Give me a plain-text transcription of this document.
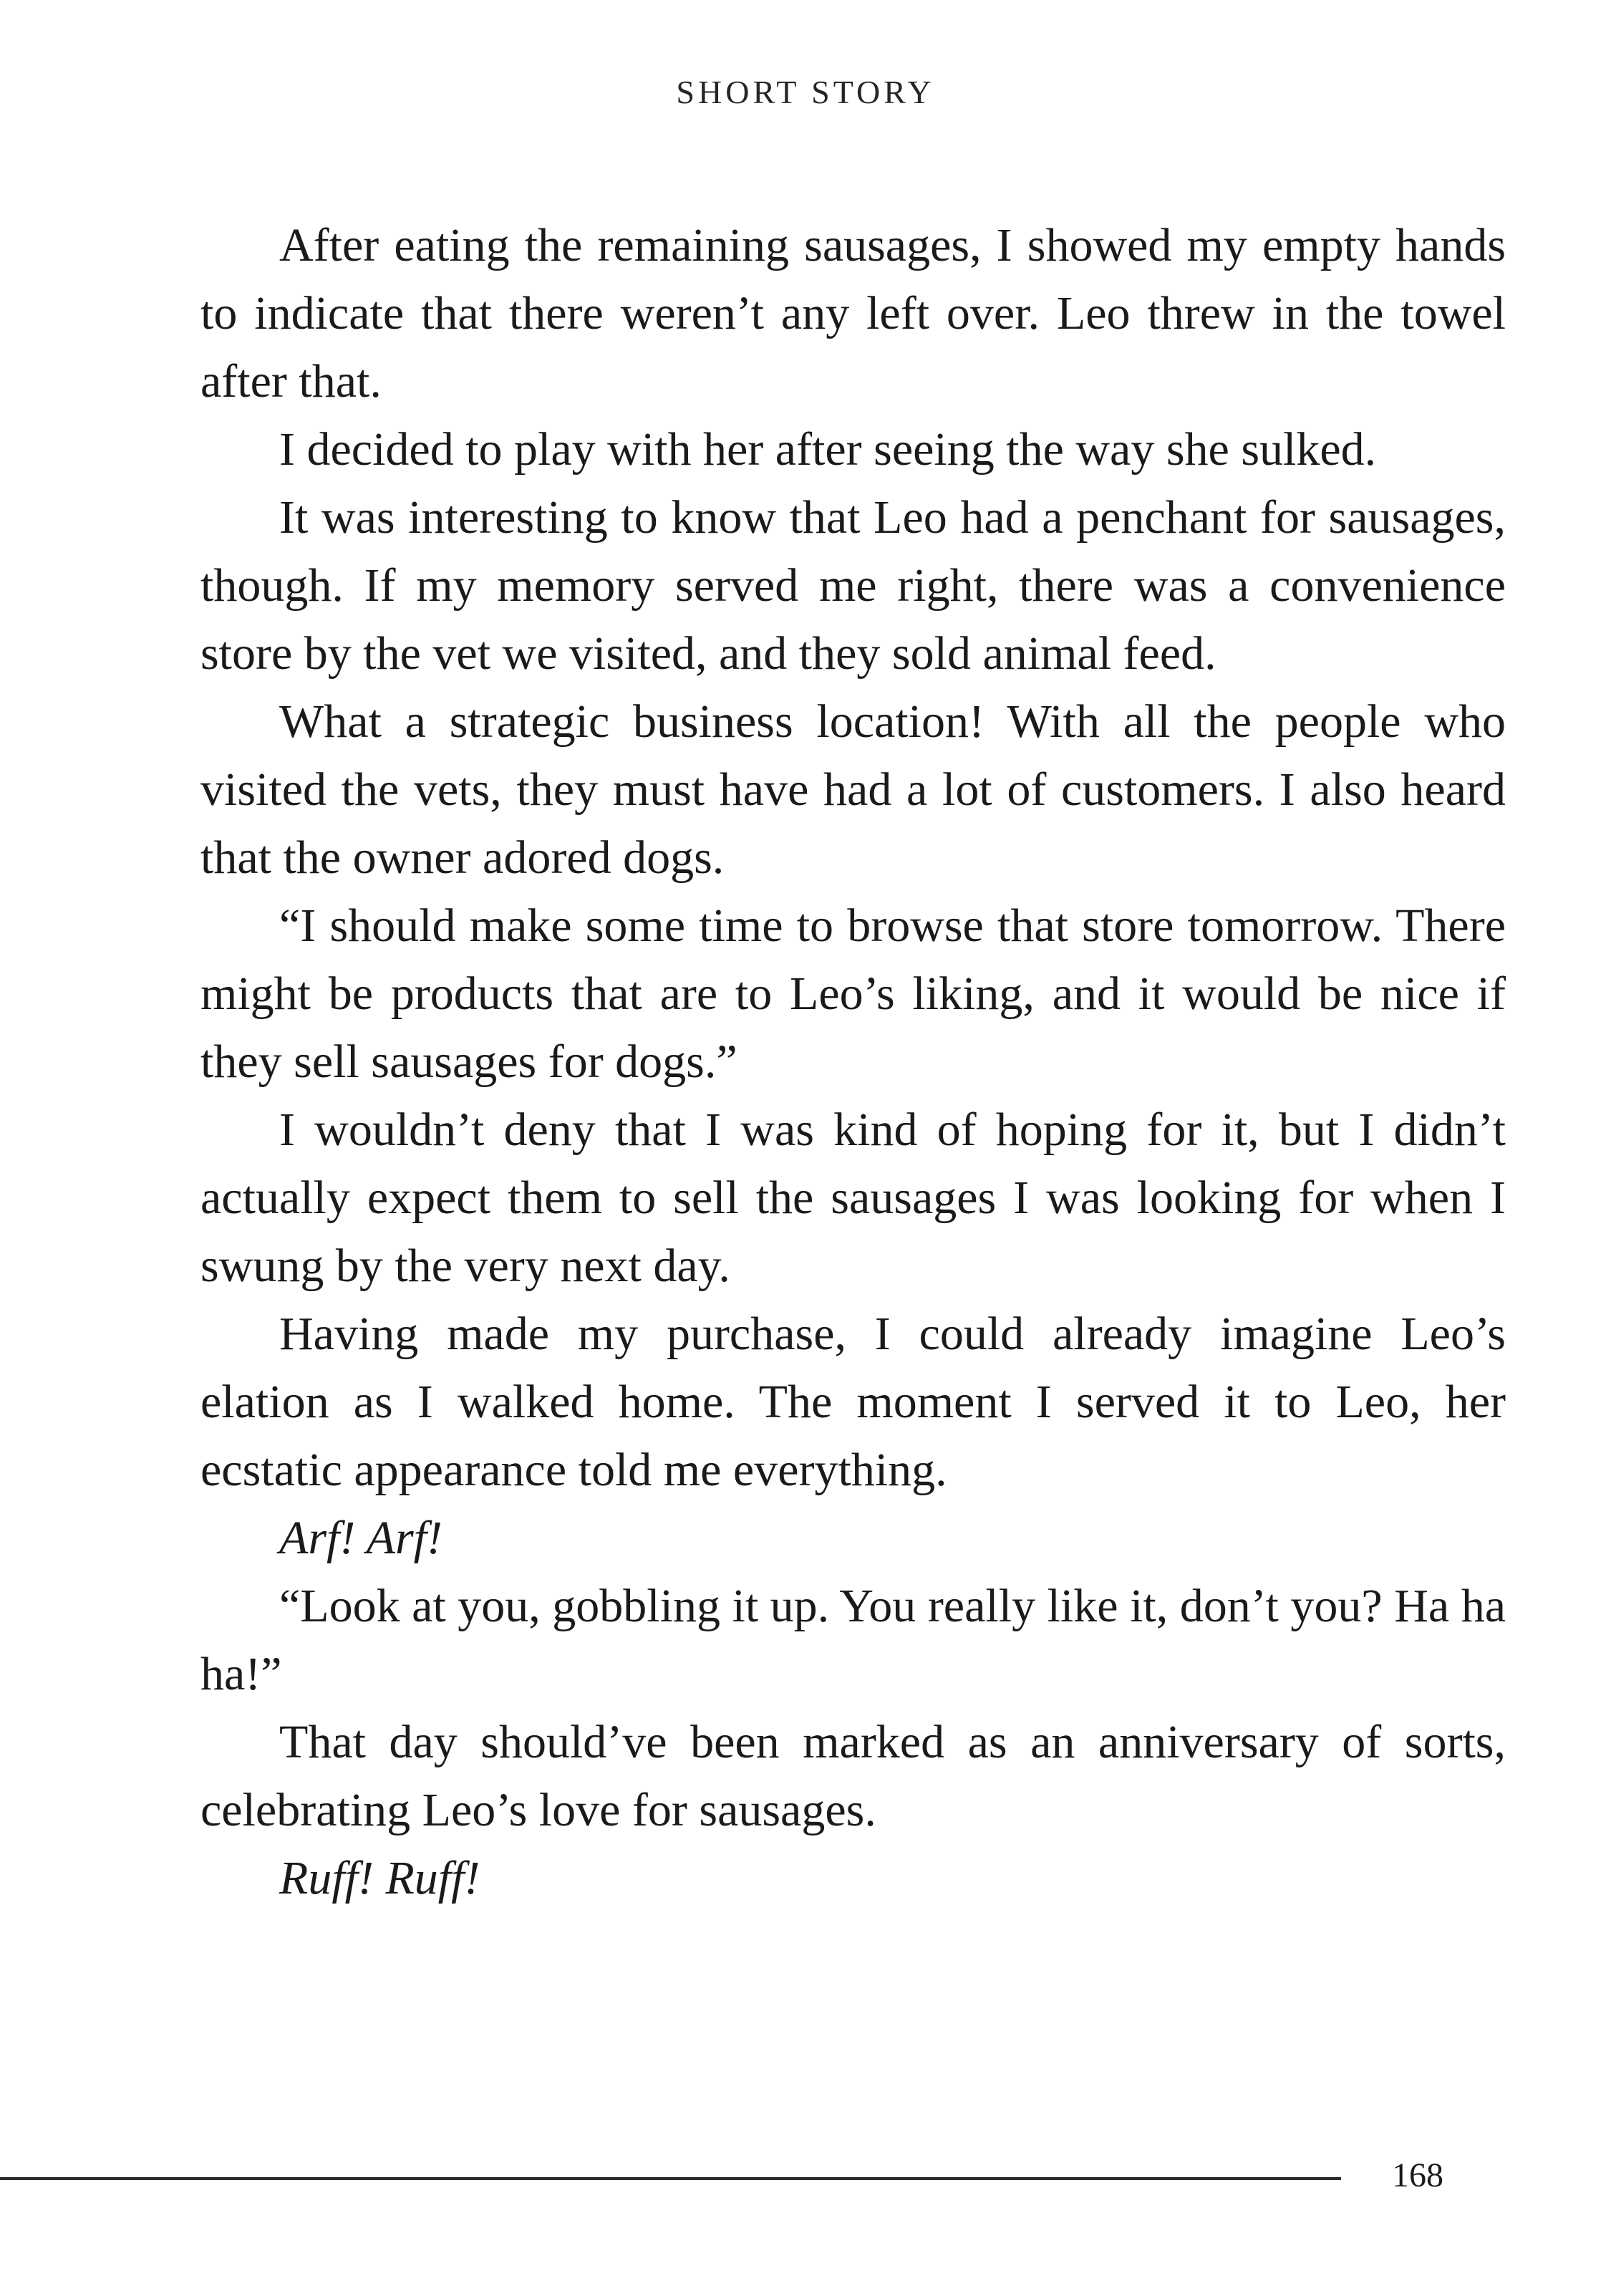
SHORT STORY

After eating the remaining sausages, I showed my empty hands to indicate that there weren’t any left over. Leo threw in the towel after that.

I decided to play with her after seeing the way she sulked.

It was interesting to know that Leo had a penchant for sausages, though. If my memory served me right, there was a convenience store by the vet we visited, and they sold animal feed.

What a strategic business location! With all the people who visited the vets, they must have had a lot of customers. I also heard that the owner adored dogs.

“I should make some time to browse that store tomorrow. There might be products that are to Leo’s liking, and it would be nice if they sell sausages for dogs.”

I wouldn’t deny that I was kind of hoping for it, but I didn’t actually expect them to sell the sausages I was looking for when I swung by the very next day.

Having made my purchase, I could already imagine Leo’s elation as I walked home. The moment I served it to Leo, her ecstatic appearance told me everything.

Arf! Arf!

“Look at you, gobbling it up. You really like it, don’t you? Ha ha ha!”

That day should’ve been marked as an anniversary of sorts, celebrating Leo’s love for sausages.

Ruff! Ruff!

168
